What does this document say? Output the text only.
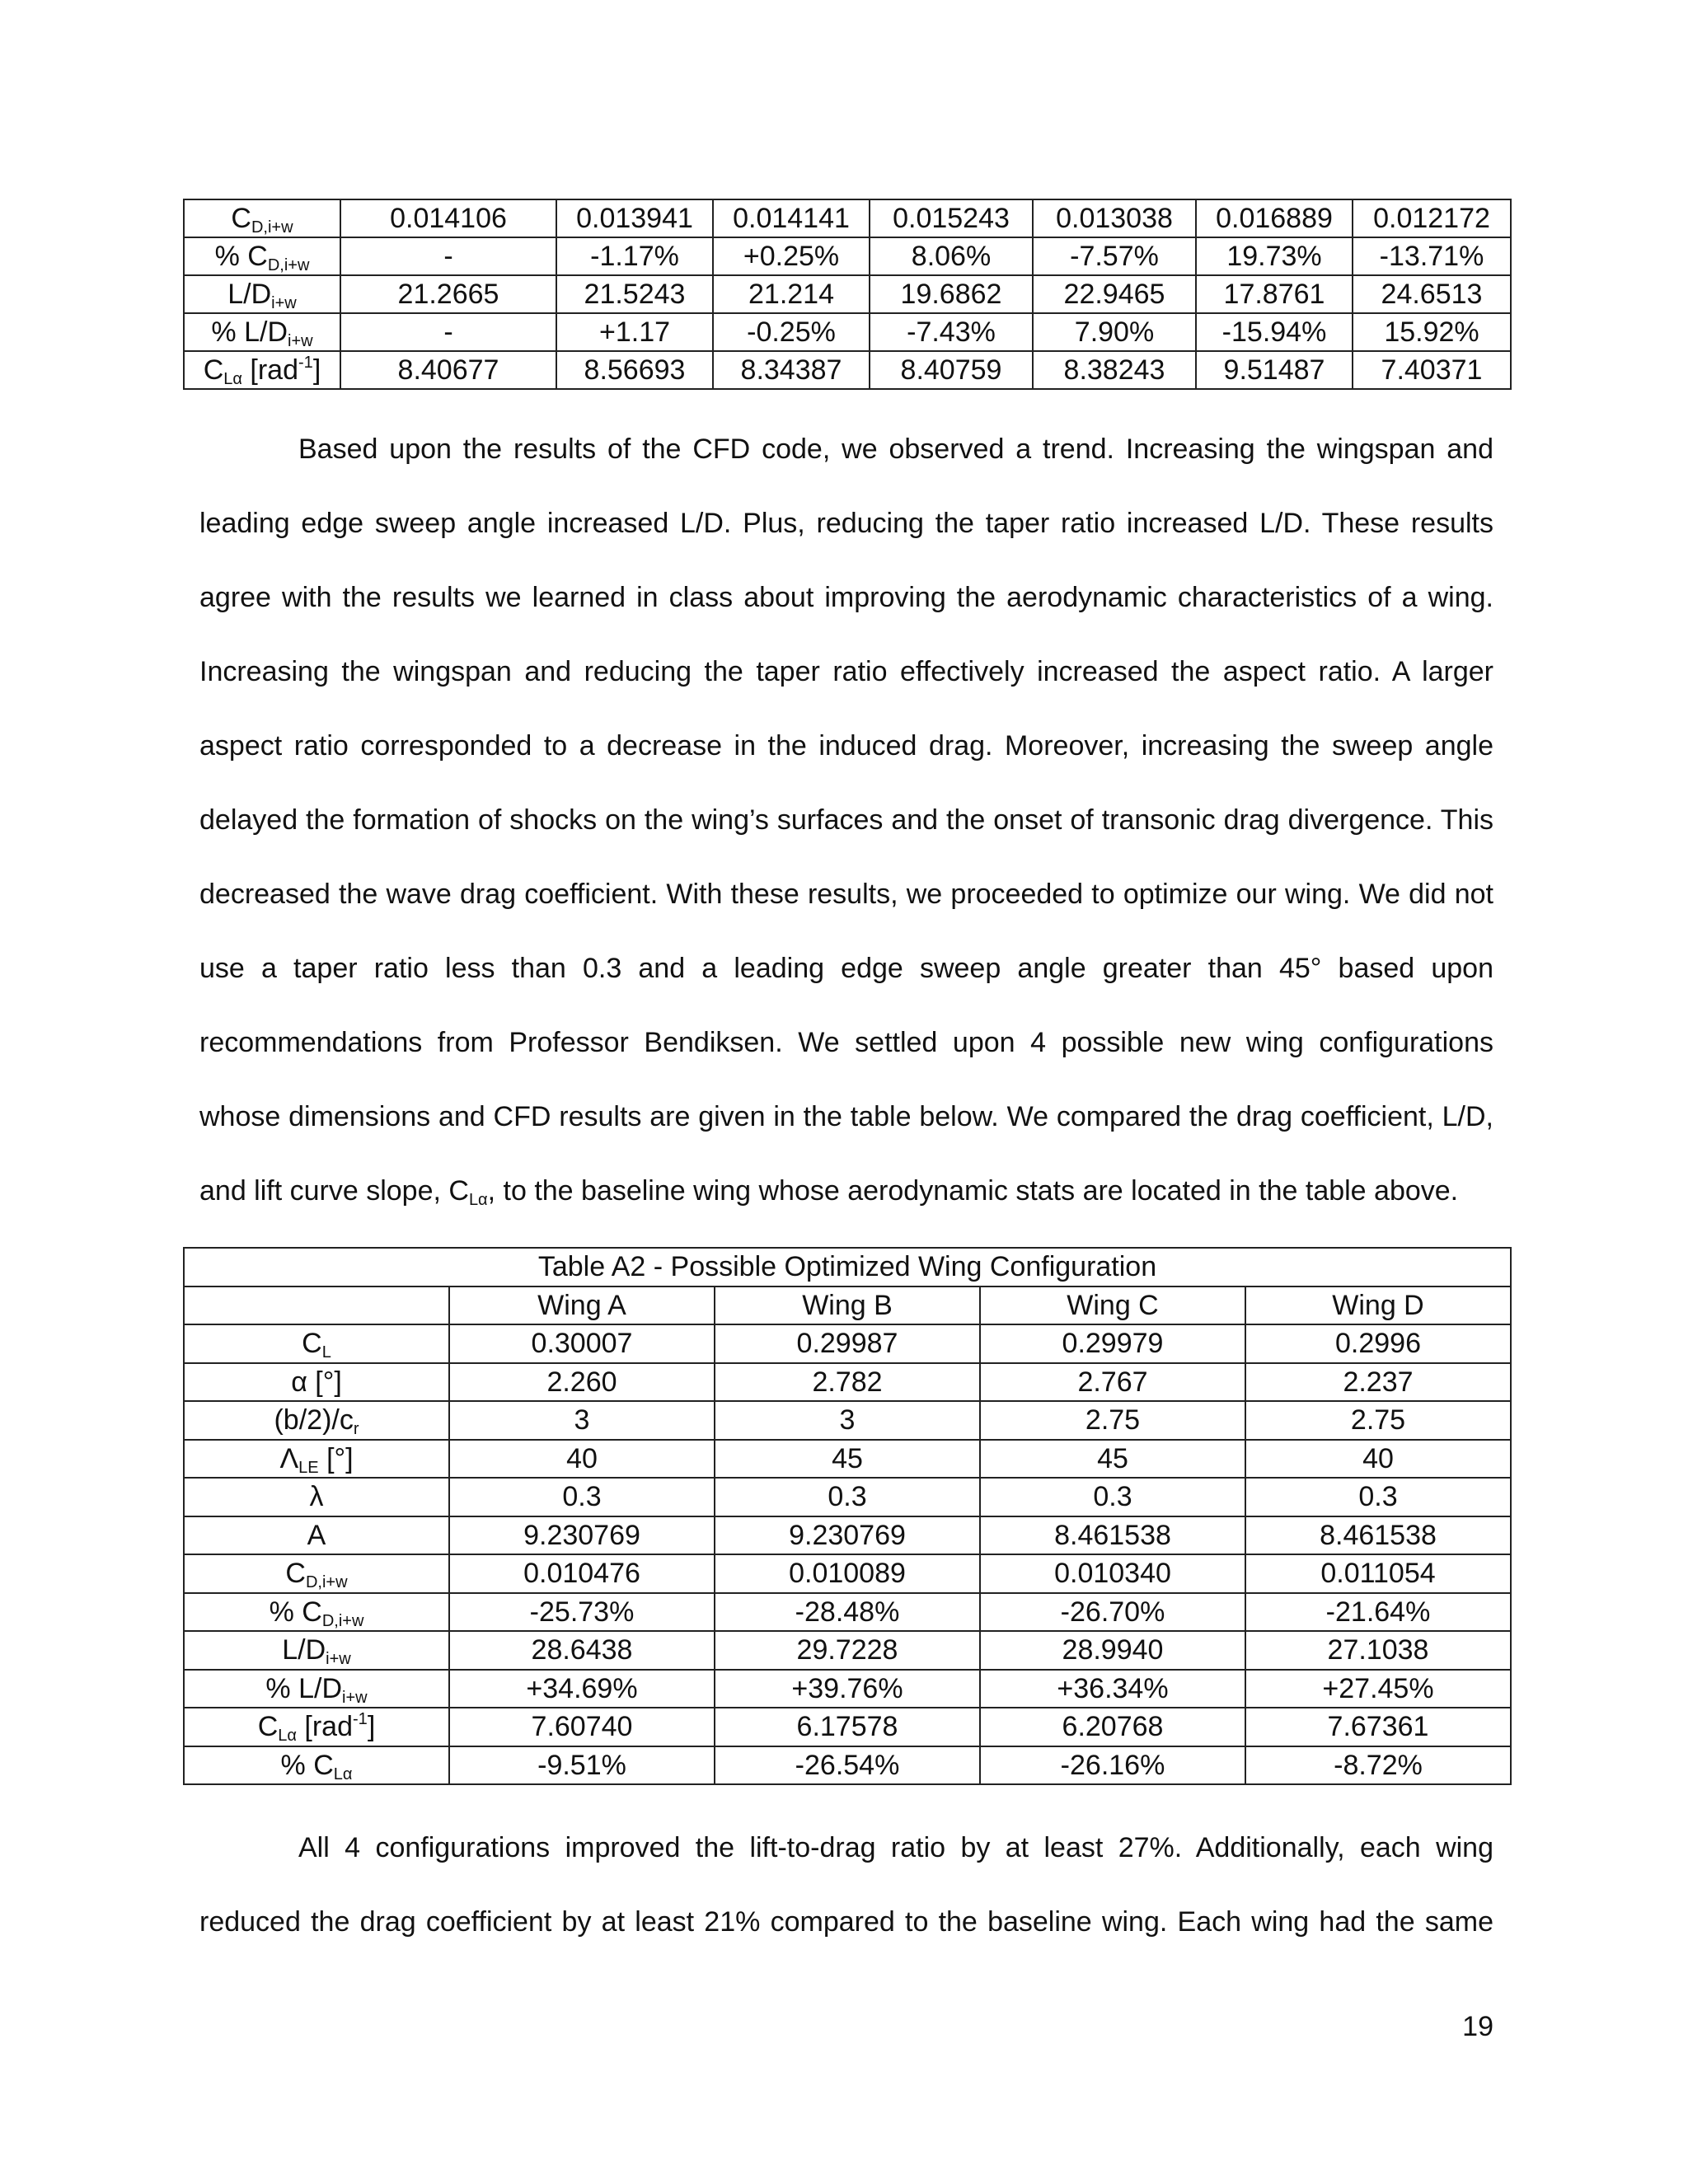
$C_{D,i+w}$	0.014106	0.013941	0.014141	0.015243	0.013038	0.016889	0.012172
% $C_{D,i+w}$	-	-1.17%	+0.25%	8.06%	-7.57%	19.73%	-13.71%
$L/D_{i+w}$	21.2665	21.5243	21.214	19.6862	22.9465	17.8761	24.6513
% $L/D_{i+w}$	-	+1.17	-0.25%	-7.43%	7.90%	-15.94%	15.92%
$C_{L\alpha}$ [rad$^{-1}$]	8.40677	8.56693	8.34387	8.40759	8.38243	9.51487	7.40371
Based upon the results of the CFD code, we observed a trend. Increasing the wingspan and
leading edge sweep angle increased L/D. Plus, reducing the taper ratio increased L/D. These results
agree with the results we learned in class about improving the aerodynamic characteristics of a wing.
Increasing the wingspan and reducing the taper ratio effectively increased the aspect ratio. A larger
aspect ratio corresponded to a decrease in the induced drag. Moreover, increasing the sweep angle
delayed the formation of shocks on the wing’s surfaces and the onset of transonic drag divergence. This
decreased the wave drag coefficient. With these results, we proceeded to optimize our wing. We did not
use a taper ratio less than 0.3 and a leading edge sweep angle greater than 45° based upon
recommendations from Professor Bendiksen. We settled upon 4 possible new wing configurations
whose dimensions and CFD results are given in the table below. We compared the drag coefficient, L/D,
and lift curve slope, $C_{L\alpha}$, to the baseline wing whose aerodynamic stats are located in the table above.
Table A2 - Possible Optimized Wing Configuration				
	Wing A	Wing B	Wing C	Wing D
$C_L$	0.30007	0.29987	0.29979	0.2996
α [°]	2.260	2.782	2.767	2.237
$(b/2)/c_r$	3	3	2.75	2.75
$\Lambda_{LE}$ [°]	40	45	45	40
λ	0.3	0.3	0.3	0.3
A	9.230769	9.230769	8.461538	8.461538
$C_{D,i+w}$	0.010476	0.010089	0.010340	0.011054
% $C_{D,i+w}$	-25.73%	-28.48%	-26.70%	-21.64%
$L/D_{i+w}$	28.6438	29.7228	28.9940	27.1038
% $L/D_{i+w}$	+34.69%	+39.76%	+36.34%	+27.45%
$C_{L\alpha}$ [rad$^{-1}$]	7.60740	6.17578	6.20768	7.67361
% $C_{L\alpha}$	-9.51%	-26.54%	-26.16%	-8.72%
All 4 configurations improved the lift-to-drag ratio by at least 27%. Additionally, each wing
reduced the drag coefficient by at least 21% compared to the baseline wing. Each wing had the same
19
